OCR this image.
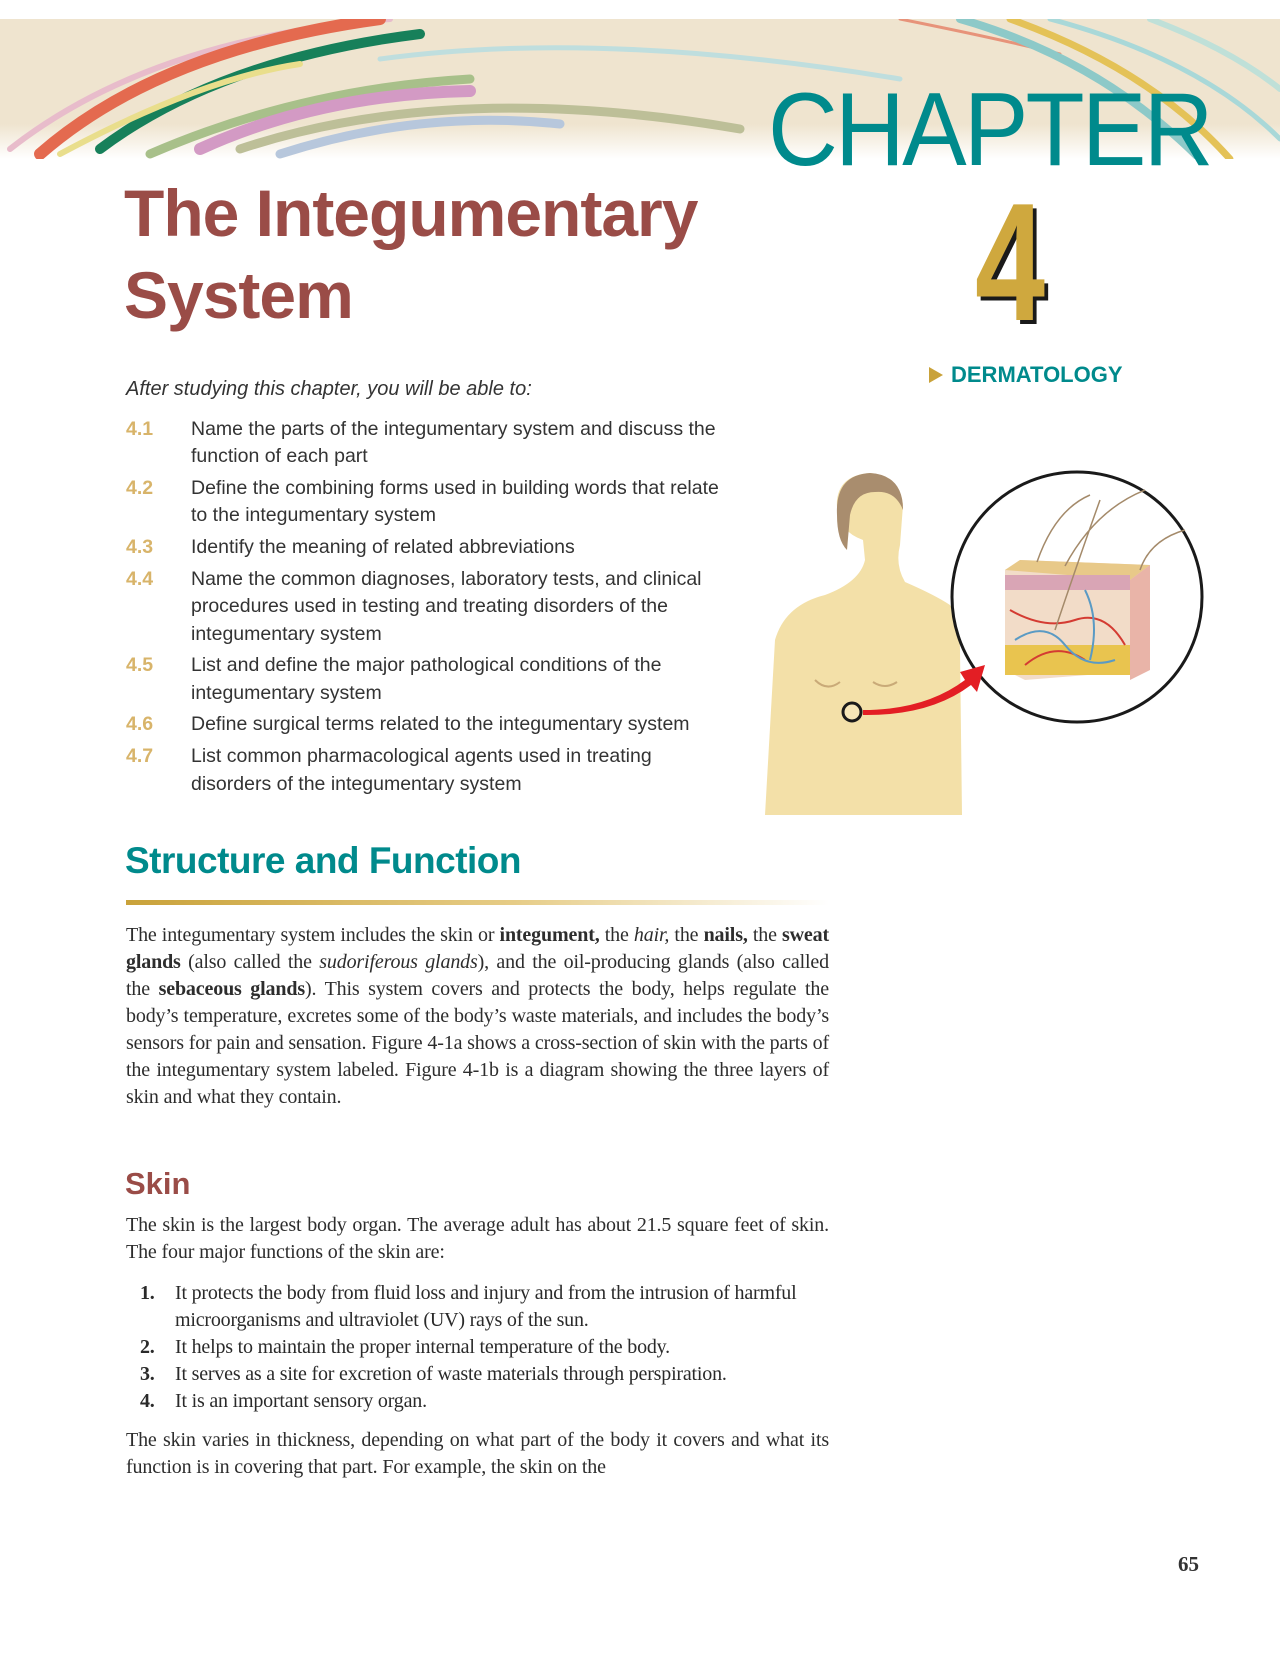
CHAPTER
4
The Integumentary
System
DERMATOLOGY
After studying this chapter, you will be able to:
4.1	Name the parts of the integumentary system and discuss the function of each part
4.2	Define the combining forms used in building words that relate to the integumentary system
4.3	Identify the meaning of related abbreviations
4.4	Name the common diagnoses, laboratory tests, and clinical procedures used in testing and treating disorders of the integumentary system
4.5	List and define the major pathological conditions of the integumentary system
4.6	Define surgical terms related to the integumentary system
4.7	List common pharmacological agents used in treating disorders of the integumentary system
Structure and Function

The integumentary system includes the skin or integument, the hair, the nails, the sweat glands (also called the sudoriferous glands), and the oil-producing glands (also called the sebaceous glands). This system covers and protects the body, helps regulate the body’s temperature, excretes some of the body’s waste materials, and includes the body’s sensors for pain and sensation. Figure 4-1a shows a cross-section of skin with the parts of the integumentary system labeled. Figure 4-1b is a diagram showing the three layers of skin and what they contain.

Skin

The skin is the largest body organ. The average adult has about 21.5 square feet of skin. The four major functions of the skin are:

1.	It protects the body from fluid loss and injury and from the intrusion of harmful microorganisms and ultraviolet (UV) rays of the sun.
2.	It helps to maintain the proper internal temperature of the body.
3.	It serves as a site for excretion of waste materials through perspiration.
4.	It is an important sensory organ.

The skin varies in thickness, depending on what part of the body it covers and what its function is in covering that part. For example, the skin on the

65
